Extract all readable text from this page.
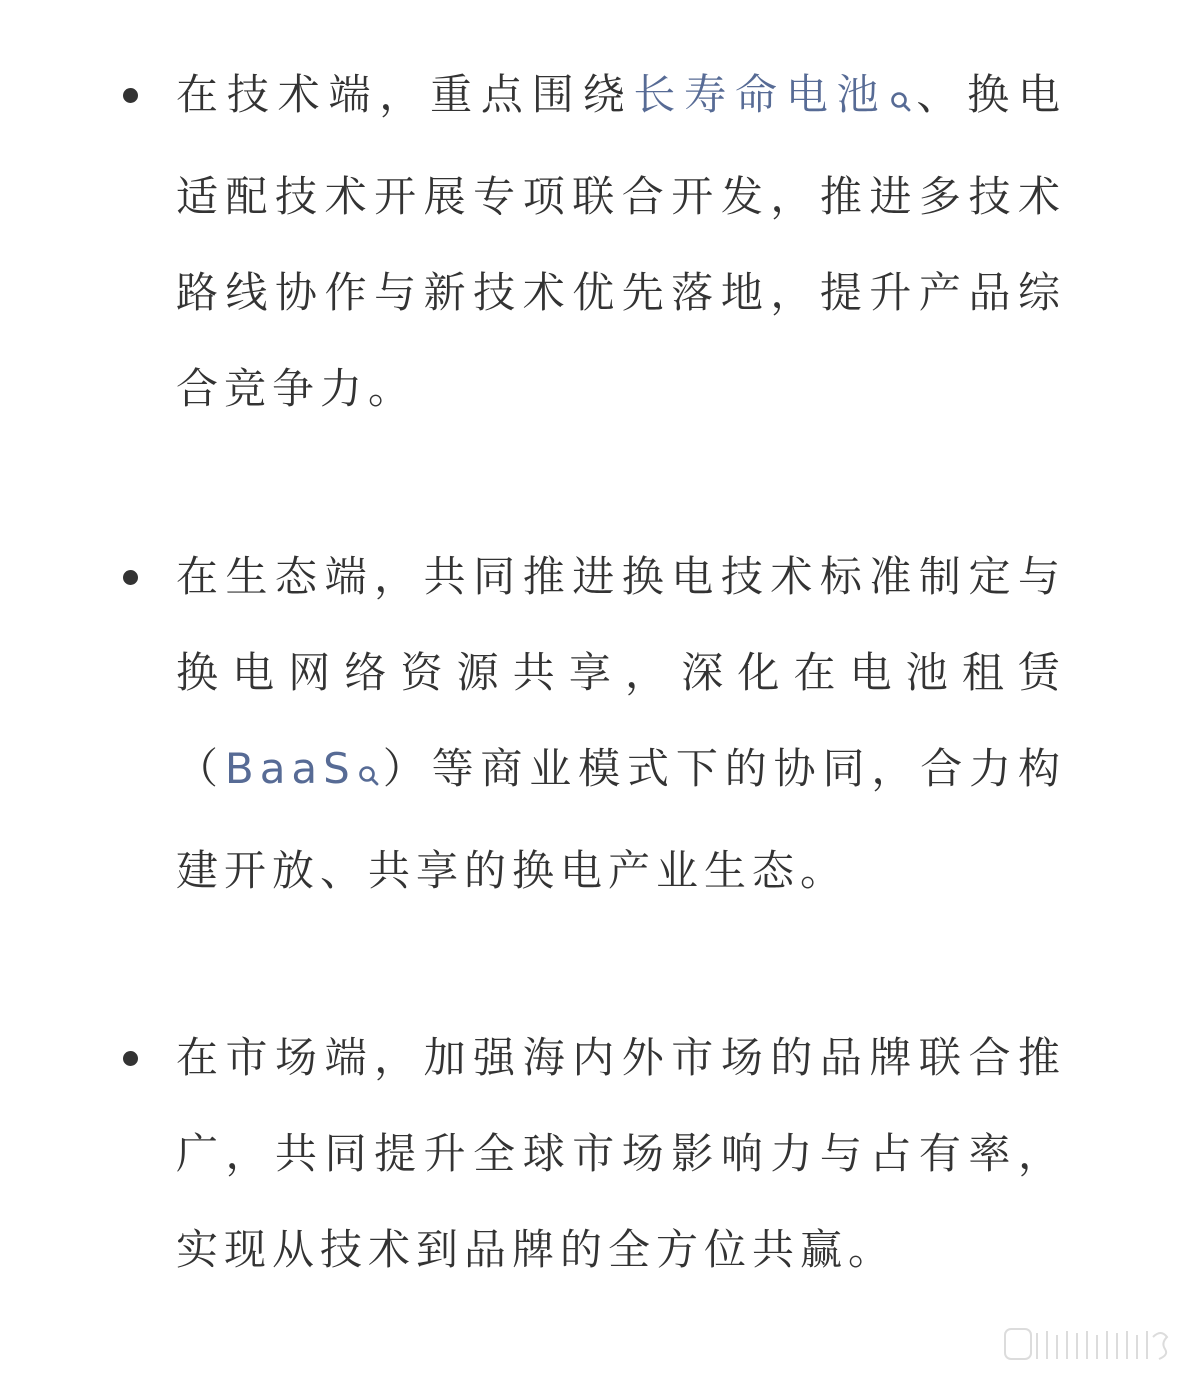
在技术端，重点围绕长寿命电池 、换电适配技术开展专项联合开发，推进多技术路线协作与新技术优先落地，提升产品综合竞争力。

在生态端，共同推进换电技术标准制定与换电网络资源共享，深化在电池租赁（BaaS ）等商业模式下的协同，合力构建开放、共享的换电产业生态。

在市场端，加强海内外市场的品牌联合推广，共同提升全球市场影响力与占有率，实现从技术到品牌的全方位共赢。
